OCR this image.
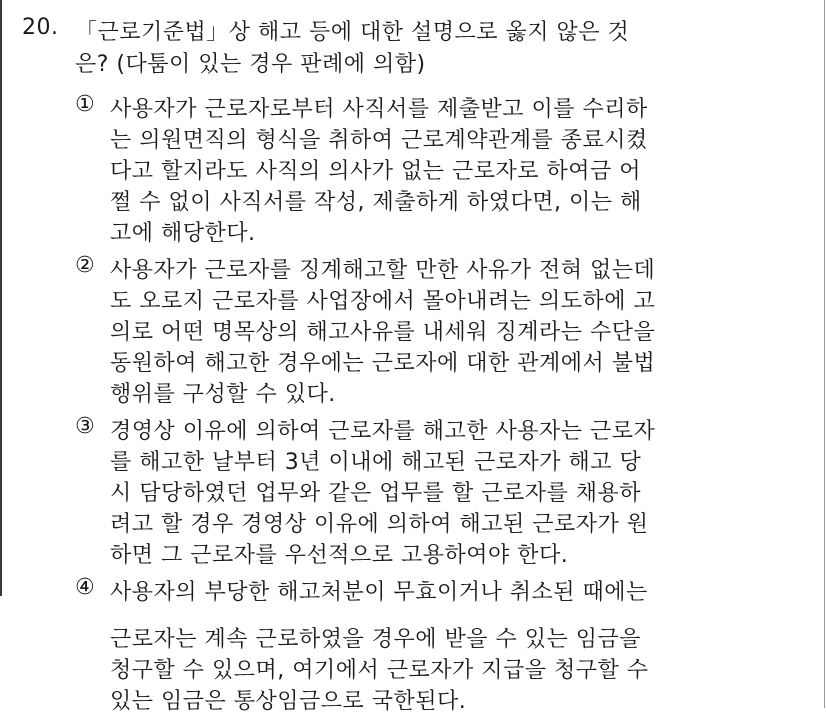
20. 「근로기준법」상 해고 등에 대한 설명으로 옳지 않은 것
은? (다툼이 있는 경우 판례에 의함)
① 사용자가 근로자로부터 사직서를 제출받고 이를 수리하
는 의원면직의 형식을 취하여 근로계약관계를 종료시켰
다고 할지라도 사직의 의사가 없는 근로자로 하여금 어
쩔 수 없이 사직서를 작성, 제출하게 하였다면, 이는 해
고에 해당한다.
② 사용자가 근로자를 징계해고할 만한 사유가 전혀 없는데
도 오로지 근로자를 사업장에서 몰아내려는 의도하에 고
의로 어떤 명목상의 해고사유를 내세워 징계라는 수단을
동원하여 해고한 경우에는 근로자에 대한 관계에서 불법
행위를 구성할 수 있다.
③ 경영상 이유에 의하여 근로자를 해고한 사용자는 근로자
를 해고한 날부터 3년 이내에 해고된 근로자가 해고 당
시 담당하였던 업무와 같은 업무를 할 근로자를 채용하
려고 할 경우 경영상 이유에 의하여 해고된 근로자가 원
하면 그 근로자를 우선적으로 고용하여야 한다.
④ 사용자의 부당한 해고처분이 무효이거나 취소된 때에는
근로자는 계속 근로하였을 경우에 받을 수 있는 임금을
청구할 수 있으며, 여기에서 근로자가 지급을 청구할 수
있는 임금은 통상임금으로 국한된다.
